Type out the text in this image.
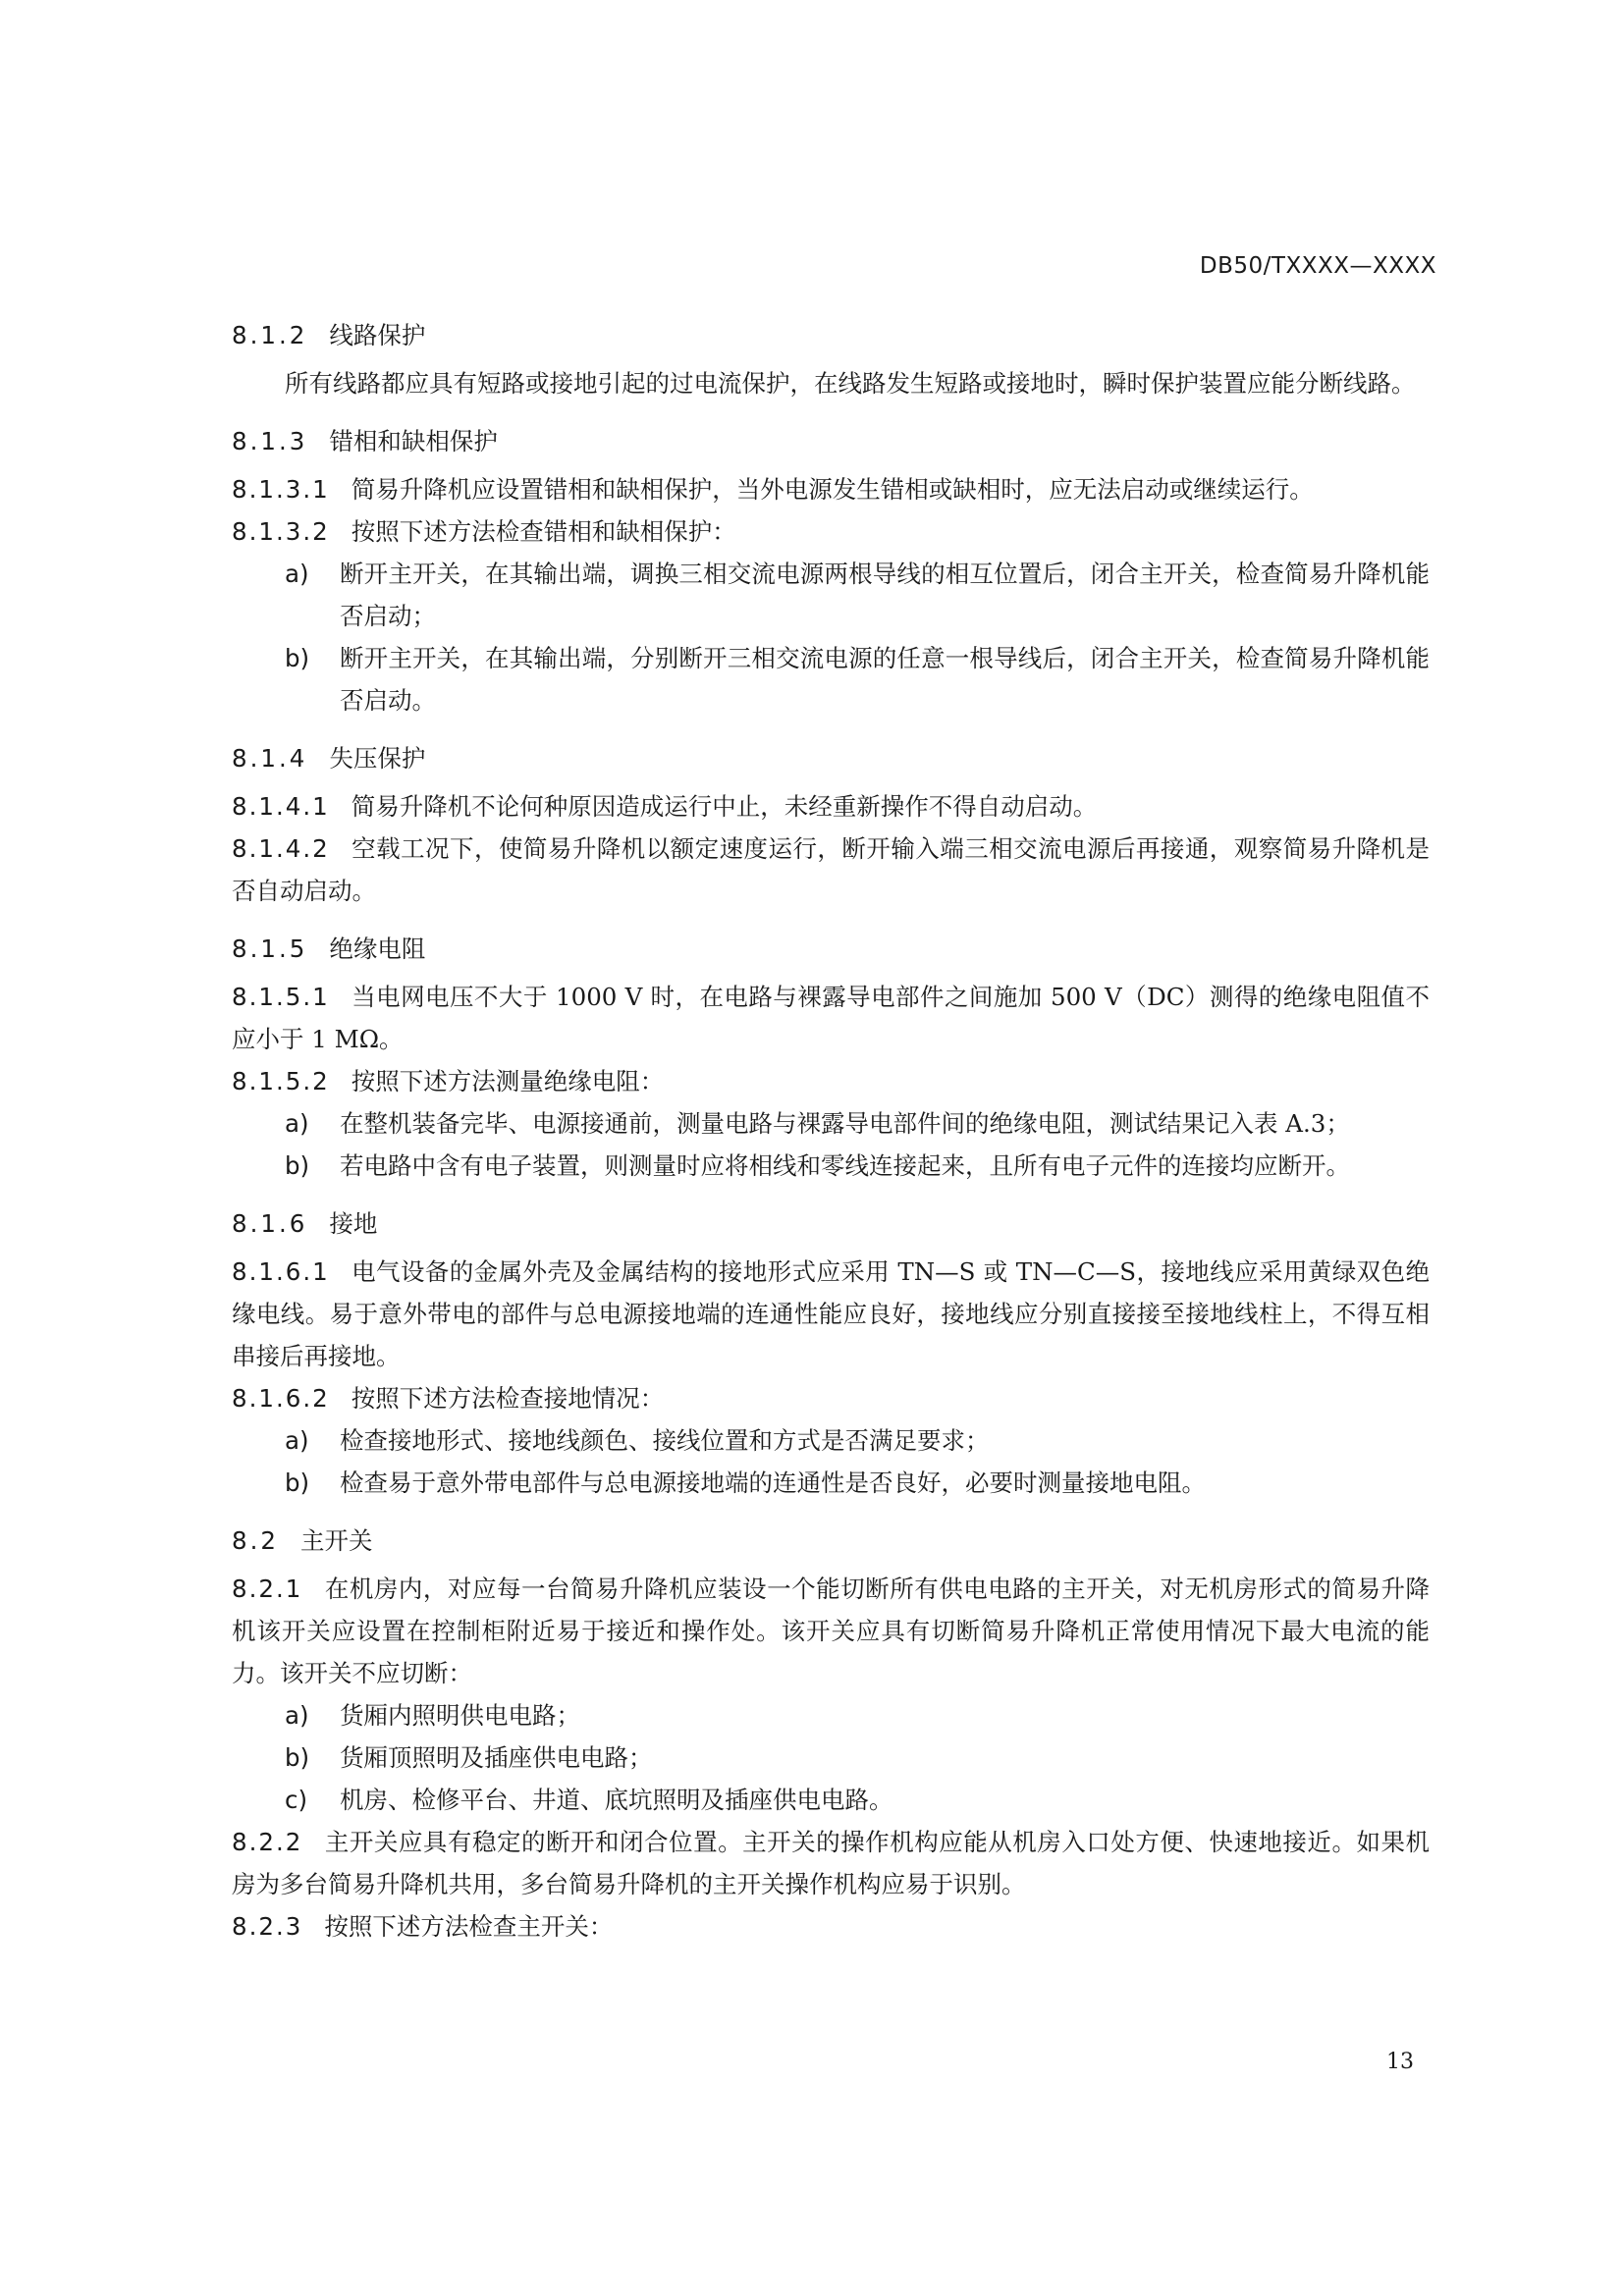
DB50/TXXXX—XXXX
8.1.2 线路保护

所有线路都应具有短路或接地引起的过电流保护，在线路发生短路或接地时，瞬时保护装置应能分断线路。

8.1.3 错相和缺相保护

8.1.3.1 简易升降机应设置错相和缺相保护，当外电源发生错相或缺相时，应无法启动或继续运行。

8.1.3.2 按照下述方法检查错相和缺相保护：

a) 断开主开关，在其输出端，调换三相交流电源两根导线的相互位置后，闭合主开关，检查简易升降机能否启动；

b) 断开主开关，在其输出端，分别断开三相交流电源的任意一根导线后，闭合主开关，检查简易升降机能否启动。

8.1.4 失压保护

8.1.4.1 简易升降机不论何种原因造成运行中止，未经重新操作不得自动启动。

8.1.4.2 空载工况下，使简易升降机以额定速度运行，断开输入端三相交流电源后再接通，观察简易升降机是否自动启动。

8.1.5 绝缘电阻

8.1.5.1 当电网电压不大于 1000 V 时，在电路与裸露导电部件之间施加 500 V（DC）测得的绝缘电阻值不应小于 1 MΩ。

8.1.5.2 按照下述方法测量绝缘电阻：

a) 在整机装备完毕、电源接通前，测量电路与裸露导电部件间的绝缘电阻，测试结果记入表 A.3；

b) 若电路中含有电子装置，则测量时应将相线和零线连接起来，且所有电子元件的连接均应断开。

8.1.6 接地

8.1.6.1 电气设备的金属外壳及金属结构的接地形式应采用 TN—S 或 TN—C—S，接地线应采用黄绿双色绝缘电线。易于意外带电的部件与总电源接地端的连通性能应良好，接地线应分别直接接至接地线柱上，不得互相串接后再接地。

8.1.6.2 按照下述方法检查接地情况：

a) 检查接地形式、接地线颜色、接线位置和方式是否满足要求；

b) 检查易于意外带电部件与总电源接地端的连通性是否良好，必要时测量接地电阻。

8.2 主开关

8.2.1 在机房内，对应每一台简易升降机应装设一个能切断所有供电电路的主开关，对无机房形式的简易升降机该开关应设置在控制柜附近易于接近和操作处。该开关应具有切断简易升降机正常使用情况下最大电流的能力。该开关不应切断：

a) 货厢内照明供电电路；

b) 货厢顶照明及插座供电电路；

c) 机房、检修平台、井道、底坑照明及插座供电电路。

8.2.2 主开关应具有稳定的断开和闭合位置。主开关的操作机构应能从机房入口处方便、快速地接近。如果机房为多台简易升降机共用，多台简易升降机的主开关操作机构应易于识别。

8.2.3 按照下述方法检查主开关：

13
